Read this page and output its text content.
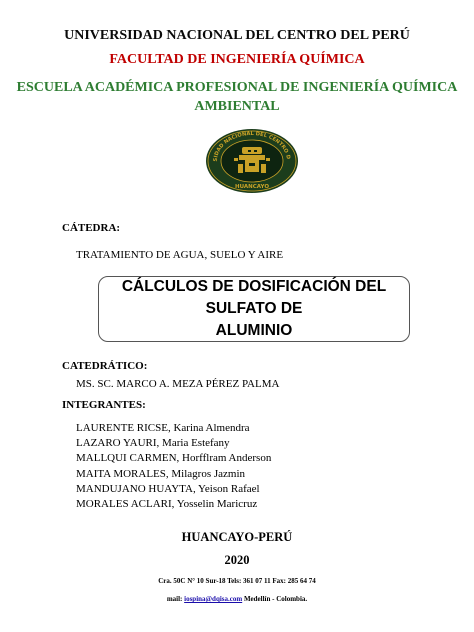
UNIVERSIDAD NACIONAL DEL CENTRO DEL PERÚ
FACULTAD DE INGENIERÍA QUÍMICA
ESCUELA ACADÉMICA PROFESIONAL DE INGENIERÍA QUÍMICA
AMBIENTAL
SIDAD NACIONAL DEL CENTRO D
HUANCAYO
CÁTEDRA:
TRATAMIENTO DE AGUA, SUELO Y AIRE
CÁLCULOS DE DOSIFICACIÓN DEL SULFATO DE
ALUMINIO
CATEDRÁTICO:
MS. SC. MARCO A. MEZA PÉREZ PALMA
INTEGRANTES:
LAURENTE RICSE, Karina Almendra
LAZARO YAURI, Maria Estefany
MALLQUI CARMEN, Horfflram Anderson
MAITA MORALES, Milagros Jazmin
MANDUJANO HUAYTA, Yeison Rafael
MORALES ACLARI, Yosselin Maricruz
HUANCAYO-PERÚ
2020
Cra. 50C N° 10 Sur-18 Tels: 361 07 11 Fax: 285 64 74
mail: iospina@dqisa.com Medellín - Colombia.
